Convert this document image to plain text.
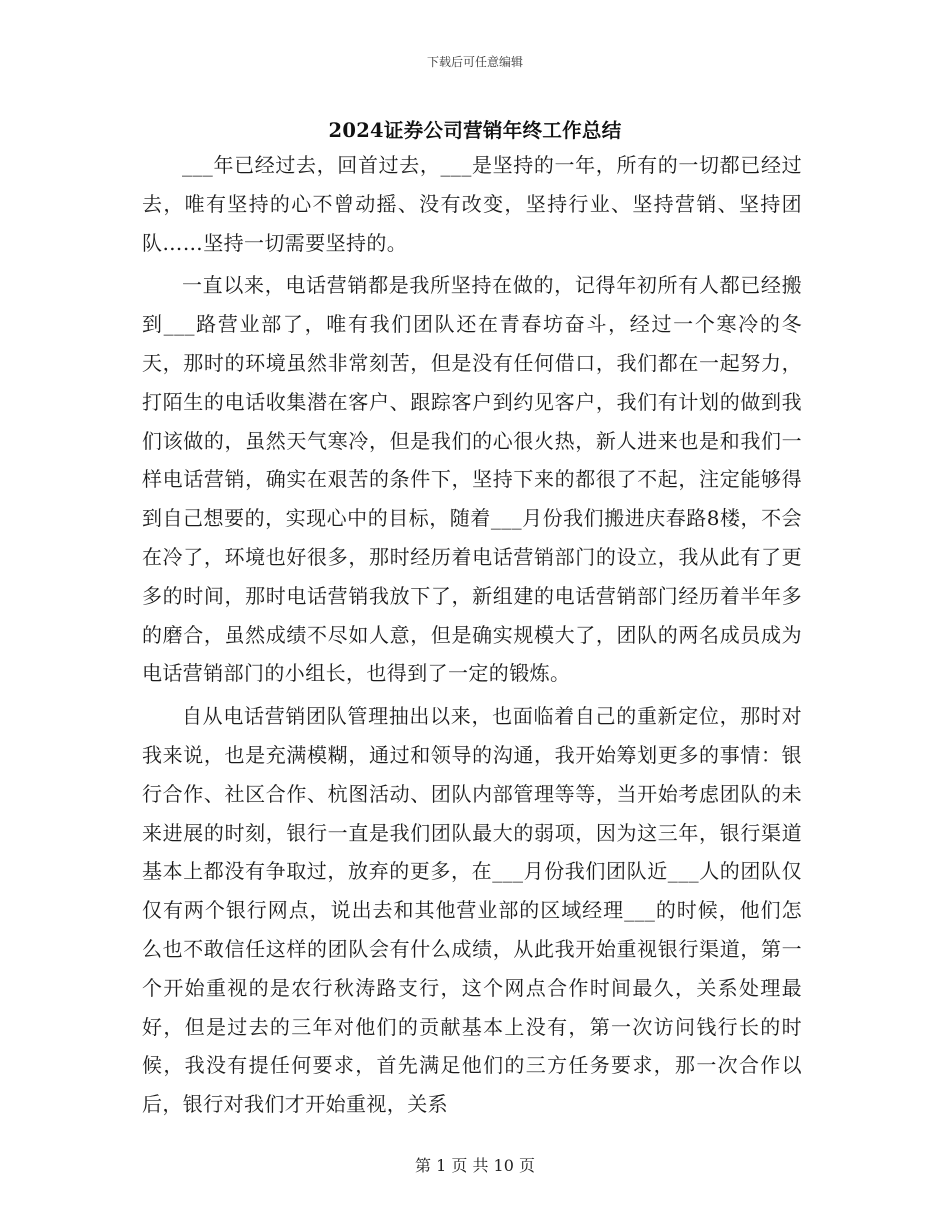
下载后可任意编辑
2024证券公司营销年终工作总结

___年已经过去，回首过去，___是坚持的一年，所有的一切都已经过去，唯有坚持的心不曾动摇、没有改变，坚持行业、坚持营销、坚持团队……坚持一切需要坚持的。

一直以来，电话营销都是我所坚持在做的，记得年初所有人都已经搬到___路营业部了，唯有我们团队还在青春坊奋斗，经过一个寒冷的冬天，那时的环境虽然非常刻苦，但是没有任何借口，我们都在一起努力，打陌生的电话收集潜在客户、跟踪客户到约见客户，我们有计划的做到我们该做的，虽然天气寒冷，但是我们的心很火热，新人进来也是和我们一样电话营销，确实在艰苦的条件下，坚持下来的都很了不起，注定能够得到自己想要的，实现心中的目标，随着___月份我们搬进庆春路8楼，不会在冷了，环境也好很多，那时经历着电话营销部门的设立，我从此有了更多的时间，那时电话营销我放下了，新组建的电话营销部门经历着半年多的磨合，虽然成绩不尽如人意，但是确实规模大了，团队的两名成员成为电话营销部门的小组长，也得到了一定的锻炼。

自从电话营销团队管理抽出以来，也面临着自己的重新定位，那时对我来说，也是充满模糊，通过和领导的沟通，我开始筹划更多的事情：银行合作、社区合作、杭图活动、团队内部管理等等，当开始考虑团队的未来进展的时刻，银行一直是我们团队最大的弱项，因为这三年，银行渠道基本上都没有争取过，放弃的更多，在___月份我们团队近___人的团队仅仅有两个银行网点，说出去和其他营业部的区域经理___的时候，他们怎么也不敢信任这样的团队会有什么成绩，从此我开始重视银行渠道，第一个开始重视的是农行秋涛路支行，这个网点合作时间最久，关系处理最好，但是过去的三年对他们的贡献基本上没有，第一次访问钱行长的时候，我没有提任何要求，首先满足他们的三方任务要求，那一次合作以后，银行对我们才开始重视，关系

第 1 页 共 10 页
